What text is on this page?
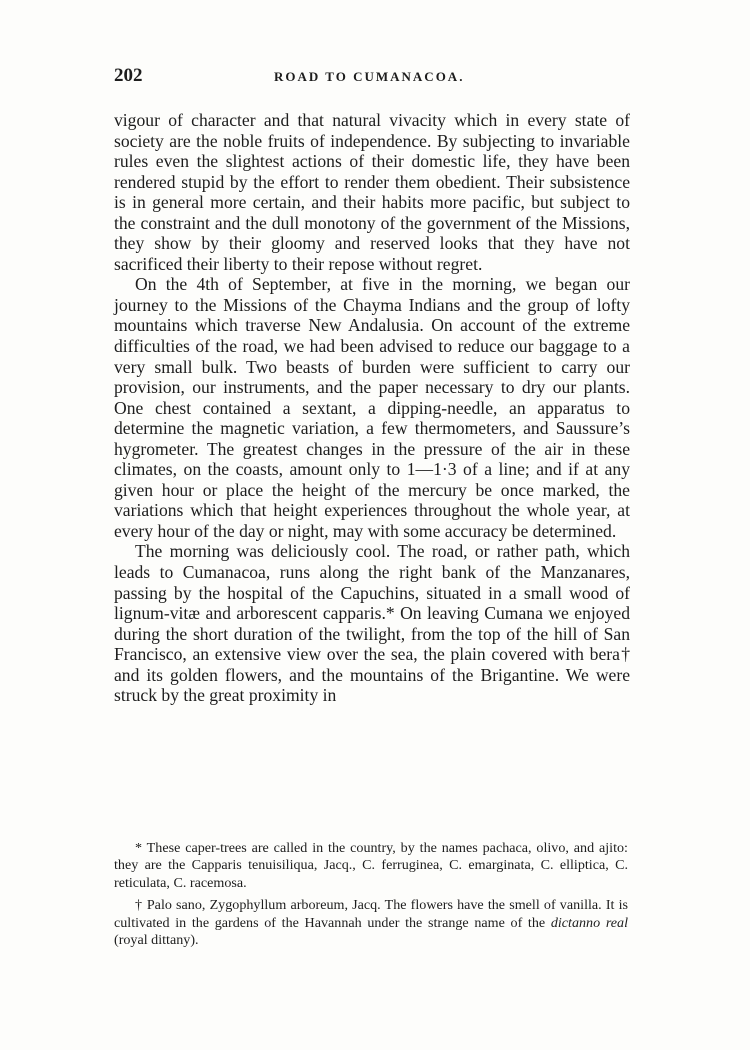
202	ROAD TO CUMANACOA.

vigour of character and that natural vivacity which in every state of society are the noble fruits of independence. By subjecting to invariable rules even the slightest actions of their domestic life, they have been rendered stupid by the effort to render them obedient. Their subsistence is in general more certain, and their habits more pacific, but subject to the constraint and the dull monotony of the government of the Missions, they show by their gloomy and reserved looks that they have not sacrificed their liberty to their repose without regret.

On the 4th of September, at five in the morning, we began our journey to the Missions of the Chayma Indians and the group of lofty mountains which traverse New Andalusia. On account of the extreme difficulties of the road, we had been advised to reduce our baggage to a very small bulk. Two beasts of burden were sufficient to carry our provision, our instruments, and the paper necessary to dry our plants. One chest contained a sextant, a dipping-needle, an apparatus to determine the magnetic variation, a few thermometers, and Saussure’s hygrometer. The greatest changes in the pressure of the air in these climates, on the coasts, amount only to 1—1·3 of a line; and if at any given hour or place the height of the mercury be once marked, the variations which that height experiences throughout the whole year, at every hour of the day or night, may with some accuracy be determined.

The morning was deliciously cool. The road, or rather path, which leads to Cumanacoa, runs along the right bank of the Manzanares, passing by the hospital of the Capuchins, situated in a small wood of lignum-vitæ and arborescent capparis.* On leaving Cumana we enjoyed during the short duration of the twilight, from the top of the hill of San Francisco, an extensive view over the sea, the plain covered with bera† and its golden flowers, and the mountains of the Brigantine. We were struck by the great proximity in

* These caper-trees are called in the country, by the names pachaca, olivo, and ajito: they are the Capparis tenuisiliqua, Jacq., C. ferruginea, C. emarginata, C. elliptica, C. reticulata, C. racemosa.

† Palo sano, Zygophyllum arboreum, Jacq. The flowers have the smell of vanilla. It is cultivated in the gardens of the Havannah under the strange name of the dictanno real (royal dittany).
